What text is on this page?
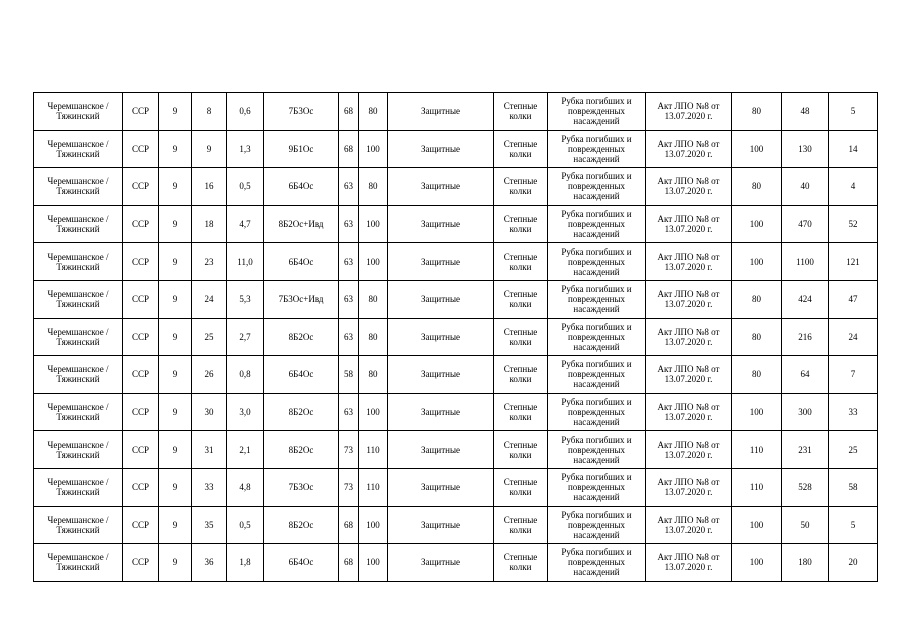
Черемшанское / Тяжинский	ССР	9	8	0,6	7Б3Ос	68	80	Защитные	Степные колки	Рубка погибших и поврежденных насаждений	Акт ЛПО №8 от 13.07.2020 г.	80	48	5
Черемшанское / Тяжинский	ССР	9	9	1,3	9Б1Ос	68	100	Защитные	Степные колки	Рубка погибших и поврежденных насаждений	Акт ЛПО №8 от 13.07.2020 г.	100	130	14
Черемшанское / Тяжинский	ССР	9	16	0,5	6Б4Ос	63	80	Защитные	Степные колки	Рубка погибших и поврежденных насаждений	Акт ЛПО №8 от 13.07.2020 г.	80	40	4
Черемшанское / Тяжинский	ССР	9	18	4,7	8Б2Ос+Ивд	63	100	Защитные	Степные колки	Рубка погибших и поврежденных насаждений	Акт ЛПО №8 от 13.07.2020 г.	100	470	52
Черемшанское / Тяжинский	ССР	9	23	11,0	6Б4Ос	63	100	Защитные	Степные колки	Рубка погибших и поврежденных насаждений	Акт ЛПО №8 от 13.07.2020 г.	100	1100	121
Черемшанское / Тяжинский	ССР	9	24	5,3	7Б3Ос+Ивд	63	80	Защитные	Степные колки	Рубка погибших и поврежденных насаждений	Акт ЛПО №8 от 13.07.2020 г.	80	424	47
Черемшанское / Тяжинский	ССР	9	25	2,7	8Б2Ос	63	80	Защитные	Степные колки	Рубка погибших и поврежденных насаждений	Акт ЛПО №8 от 13.07.2020 г.	80	216	24
Черемшанское / Тяжинский	ССР	9	26	0,8	6Б4Ос	58	80	Защитные	Степные колки	Рубка погибших и поврежденных насаждений	Акт ЛПО №8 от 13.07.2020 г.	80	64	7
Черемшанское / Тяжинский	ССР	9	30	3,0	8Б2Ос	63	100	Защитные	Степные колки	Рубка погибших и поврежденных насаждений	Акт ЛПО №8 от 13.07.2020 г.	100	300	33
Черемшанское / Тяжинский	ССР	9	31	2,1	8Б2Ос	73	110	Защитные	Степные колки	Рубка погибших и поврежденных насаждений	Акт ЛПО №8 от 13.07.2020 г.	110	231	25
Черемшанское / Тяжинский	ССР	9	33	4,8	7Б3Ос	73	110	Защитные	Степные колки	Рубка погибших и поврежденных насаждений	Акт ЛПО №8 от 13.07.2020 г.	110	528	58
Черемшанское / Тяжинский	ССР	9	35	0,5	8Б2Ос	68	100	Защитные	Степные колки	Рубка погибших и поврежденных насаждений	Акт ЛПО №8 от 13.07.2020 г.	100	50	5
Черемшанское / Тяжинский	ССР	9	36	1,8	6Б4Ос	68	100	Защитные	Степные колки	Рубка погибших и поврежденных насаждений	Акт ЛПО №8 от 13.07.2020 г.	100	180	20
